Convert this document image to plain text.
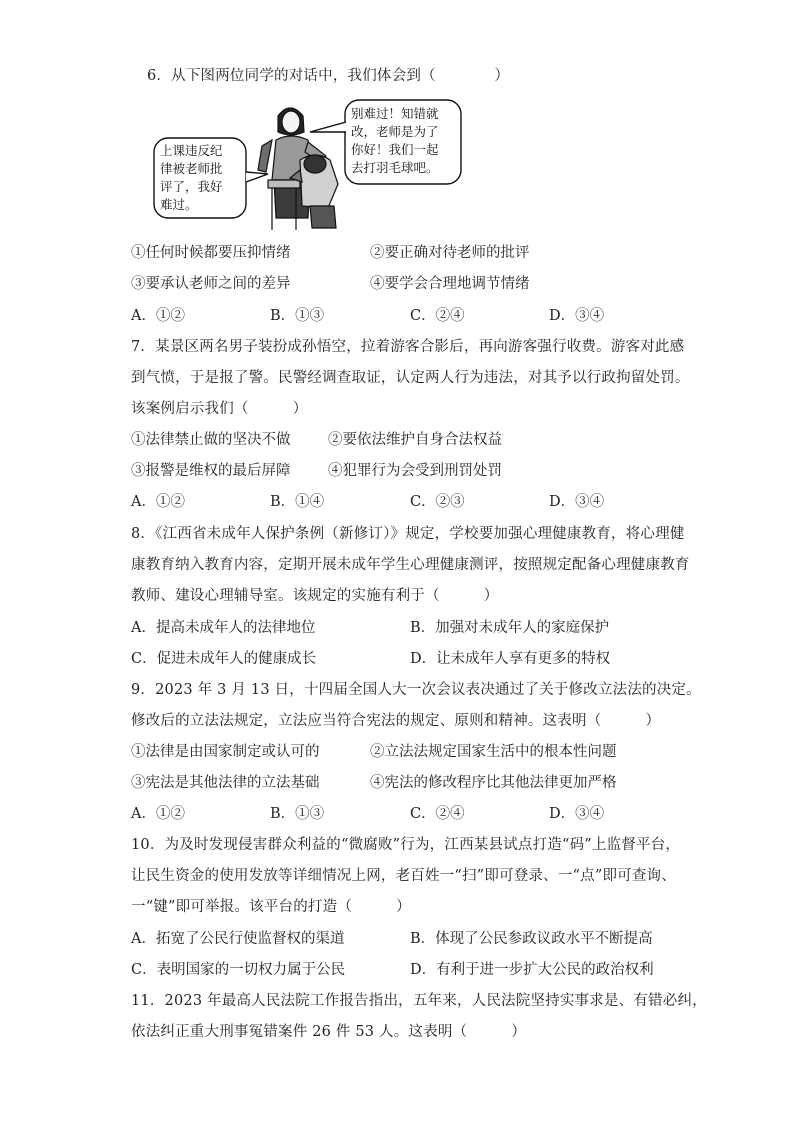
6．从下图两位同学的对话中，我们体会到（　　　　）
上课违反纪
律被老师批
评了，我好
难过。
别难过！知错就
改，老师是为了
你好！我们一起
去打羽毛球吧。
①任何时候都要压抑情绪	②要正确对待老师的批评
③要承认老师之间的差异	④要学会合理地调节情绪
A．①②	B．①③	C．②④	D．③④
7．某景区两名男子装扮成孙悟空，拉着游客合影后，再向游客强行收费。游客对此感
到气愤，于是报了警。民警经调查取证，认定两人行为违法，对其予以行政拘留处罚。
该案例启示我们（　　　）
①法律禁止做的坚决不做	②要依法维护自身合法权益
③报警是维权的最后屏障	④犯罪行为会受到刑罚处罚
A．①②	B．①④	C．②③	D．③④
8．《江西省未成年人保护条例（新修订）》规定，学校要加强心理健康教育，将心理健
康教育纳入教育内容，定期开展未成年学生心理健康测评，按照规定配备心理健康教育
教师、建设心理辅导室。该规定的实施有利于（　　　）
A．提高未成年人的法律地位	B．加强对未成年人的家庭保护
C．促进未成年人的健康成长	D．让未成年人享有更多的特权
9．2023 年 3 月 13 日，十四届全国人大一次会议表决通过了关于修改立法法的决定。
修改后的立法法规定，立法应当符合宪法的规定、原则和精神。这表明（　　　）
①法律是由国家制定或认可的	②立法法规定国家生活中的根本性问题
③宪法是其他法律的立法基础	④宪法的修改程序比其他法律更加严格
A．①②	B．①③	C．②④	D．③④
10．为及时发现侵害群众利益的“微腐败”行为，江西某县试点打造“码”上监督平台，
让民生资金的使用发放等详细情况上网，老百姓一“扫”即可登录、一“点”即可查询、
一“键”即可举报。该平台的打造（　　　）
A．拓宽了公民行使监督权的渠道	B．体现了公民参政议政水平不断提高
C．表明国家的一切权力属于公民	D．有利于进一步扩大公民的政治权利
11．2023 年最高人民法院工作报告指出，五年来，人民法院坚持实事求是、有错必纠，
依法纠正重大刑事冤错案件 26 件 53 人。这表明（　　　）
